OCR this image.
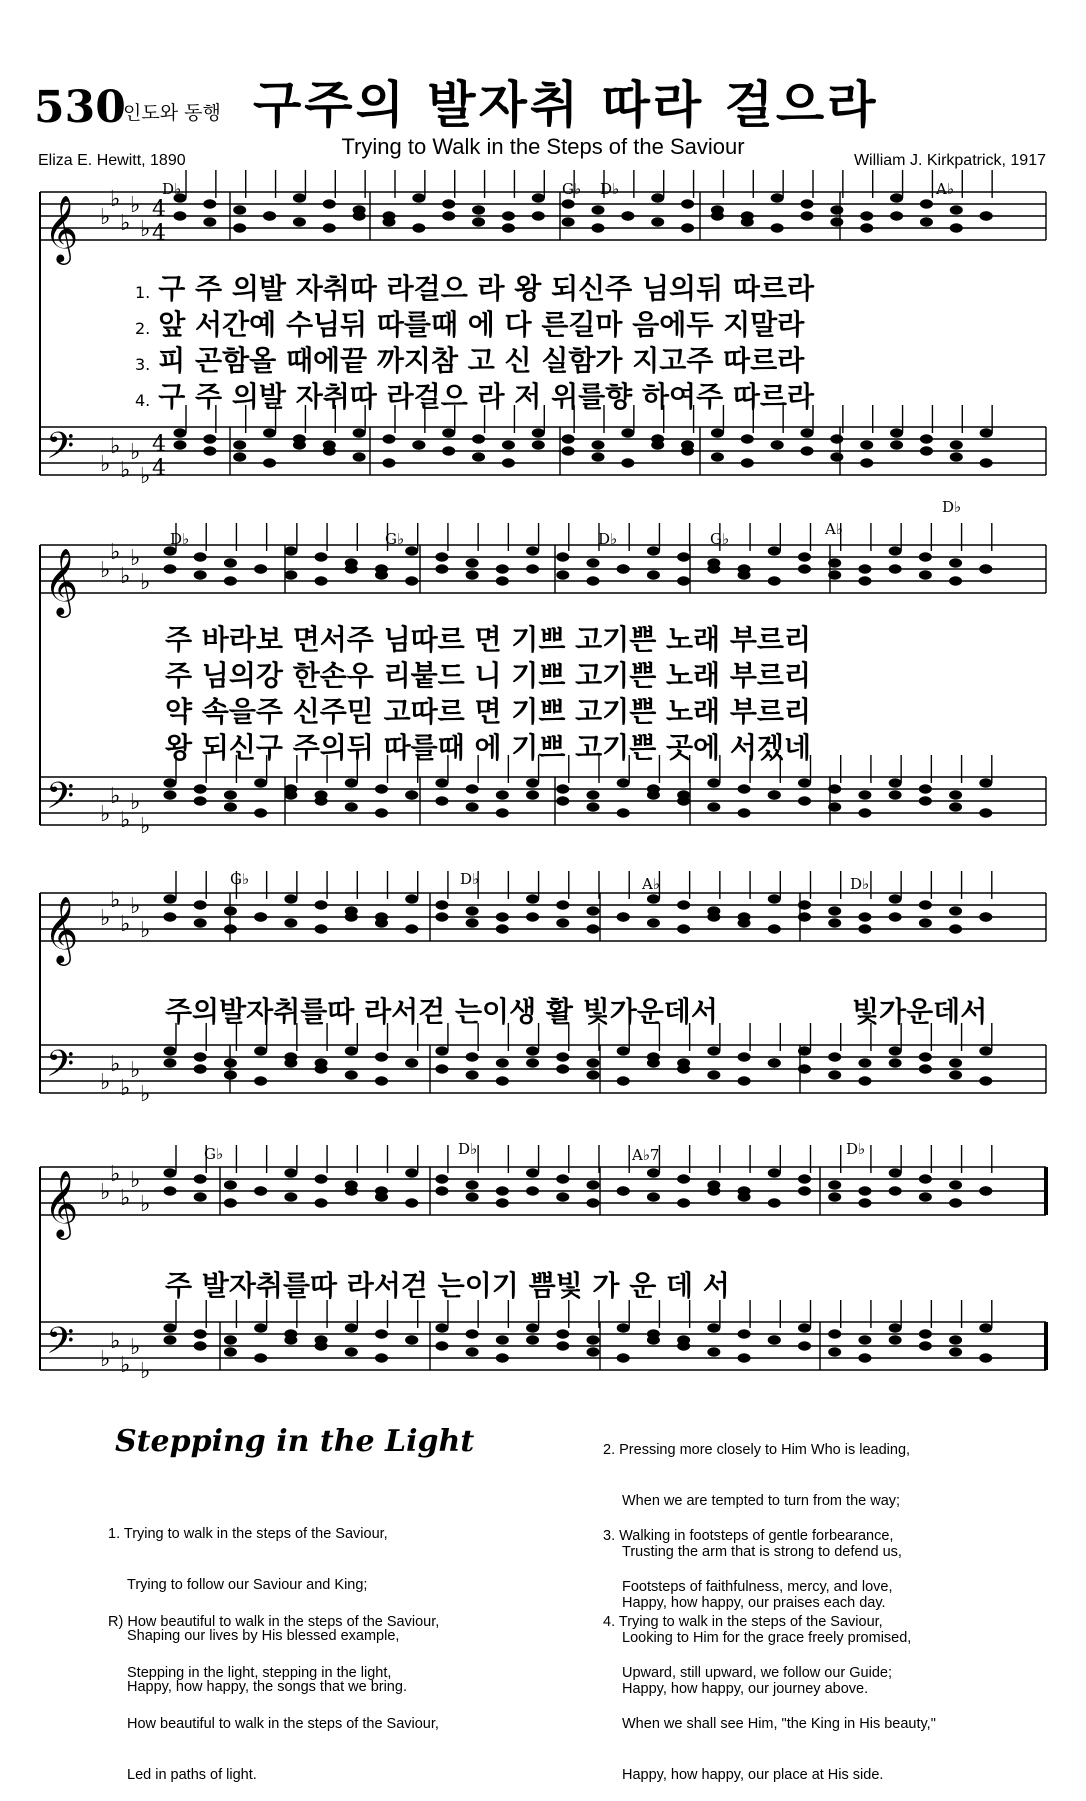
530
인도와 동행 구주의 발자취 따라 걸으라
Trying to Walk in the Steps of the Saviour
Eliza E. Hewitt, 1890	William J. Kirkpatrick, 1917
𝄞
𝄢
♭
♭
♭
♭
♭
♭
♭
♭
♭
♭
4
4
4
4
𝄞
𝄢
♭
♭
♭
♭
♭
♭
♭
♭
♭
♭
𝄞
𝄢
♭
♭
♭
♭
♭
♭
♭
♭
♭
♭
𝄞
𝄢
♭
♭
♭
♭
♭
♭
♭
♭
♭
♭
D♭	G♭ D♭	A♭
D♭	G♭	D♭	G♭
A♭
D♭
G♭	D♭	A♭	D♭
G♭	D♭	A♭7	D♭
1. 구 주 의발 자취따 라걸으 라 왕 되신주 님의뒤 따르라
2. 앞 서간예 수님뒤 따를때 에 다 른길마 음에두 지말라
3. 피 곤함올 때에끝 까지참 고 신 실함가 지고주 따르라
4. 구 주 의발 자취따 라걸으 라 저 위를향 하여주 따르라
주 바라보 면서주 님따르 면 기쁘 고기쁜 노래 부르리
주 님의강 한손우 리붙드 니 기쁘 고기쁜 노래 부르리
약 속을주 신주믿 고따르 면 기쁘 고기쁜 노래 부르리
왕 되신구 주의뒤 따를때 에 기쁘 고기쁜 곳에 서겠네
주의발자취를따 라서걷 는이생 활 빛가운데서	빛가운데서
주 발자취를따 라서걷 는이기 쁨빛 가 운 데 서
Stepping in the Light

1. Trying to walk in the steps of the Saviour,

Trying to follow our Saviour and King;

Shaping our lives by His blessed example,

Happy, how happy, the songs that we bring.

R) How beautiful to walk in the steps of the Saviour,

Stepping in the light, stepping in the light,

How beautiful to walk in the steps of the Saviour,

Led in paths of light.

2. Pressing more closely to Him Who is leading,

When we are tempted to turn from the way;

Trusting the arm that is strong to defend us,

Happy, how happy, our praises each day.

3. Walking in footsteps of gentle forbearance,

Footsteps of faithfulness, mercy, and love,

Looking to Him for the grace freely promised,

Happy, how happy, our journey above.

4. Trying to walk in the steps of the Saviour,

Upward, still upward, we follow our Guide;

When we shall see Him, "the King in His beauty,"

Happy, how happy, our place at His side.
